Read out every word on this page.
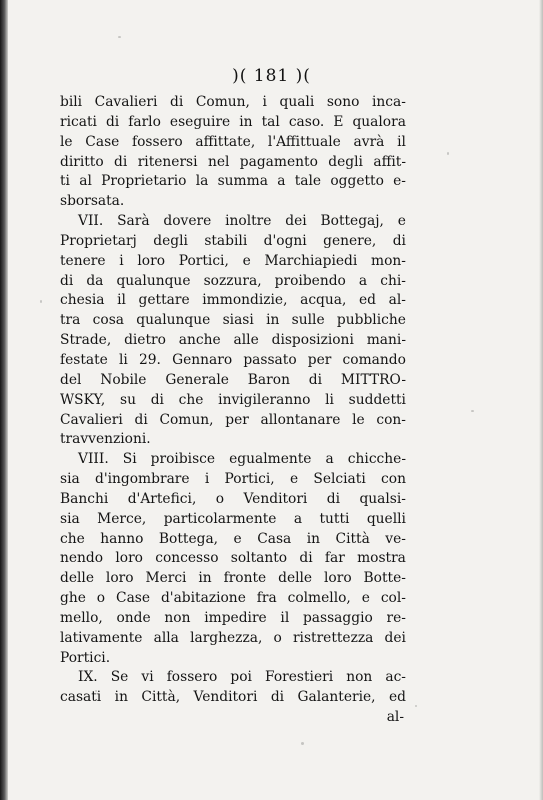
)( 181 )(
bili Cavalieri di Comun, i quali sono inca-
ricati di farlo eseguire in tal caso. E qualora
le Case fossero affittate, l'Affittuale avrà il
diritto di ritenersi nel pagamento degli affit-
ti al Proprietario la summa a tale oggetto e-
sborsata.
VII. Sarà dovere inoltre dei Bottegaj, e
Proprietarj degli stabili d'ogni genere, di
tenere i loro Portici, e Marchiapiedi mon-
di da qualunque sozzura, proibendo a chi-
chesia il gettare immondizie, acqua, ed al-
tra cosa qualunque siasi in sulle pubbliche
Strade, dietro anche alle disposizioni mani-
festate li 29. Gennaro passato per comando
del Nobile Generale Baron di MITTRO-
WSKY, su di che invigileranno li suddetti
Cavalieri di Comun, per allontanare le con-
travvenzioni.
VIII. Si proibisce egualmente a chicche-
sia d'ingombrare i Portici, e Selciati con
Banchi d'Artefici, o Venditori di qualsi-
sia Merce, particolarmente a tutti quelli
che hanno Bottega, e Casa in Città ve-
nendo loro concesso soltanto di far mostra
delle loro Merci in fronte delle loro Botte-
ghe o Case d'abitazione fra colmello, e col-
mello, onde non impedire il passaggio re-
lativamente alla larghezza, o ristrettezza dei
Portici.
IX. Se vi fossero poi Forestieri non ac-
casati in Città, Venditori di Galanterie, ed
al-
